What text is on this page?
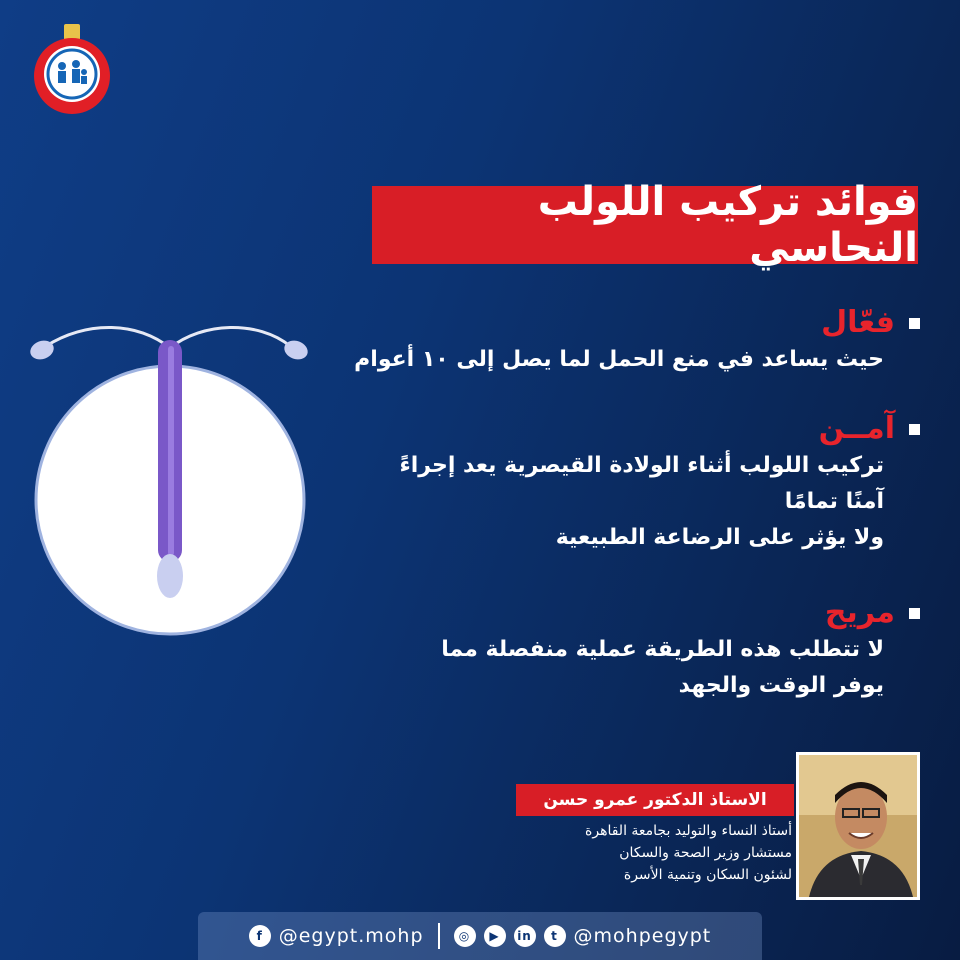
فوائد تركيب اللولب النحاسي
فعّال
حيث يساعد في منع الحمل لما يصل إلى ١٠ أعوام
آمــن
تركيب اللولب أثناء الولادة القيصرية يعد إجراءً
آمنًا تمامًا
ولا يؤثر على الرضاعة الطبيعية
مريح
لا تتطلب هذه الطريقة عملية منفصلة مما
يوفر الوقت والجهد
الاستاذ الدكتور عمرو حسن
أستاذ النساء والتوليد بجامعة القاهرة
مستشار وزير الصحة والسكان
لشئون السكان وتنمية الأسرة
f @egypt.mohp	◎	▶	in	t @mohpegypt
